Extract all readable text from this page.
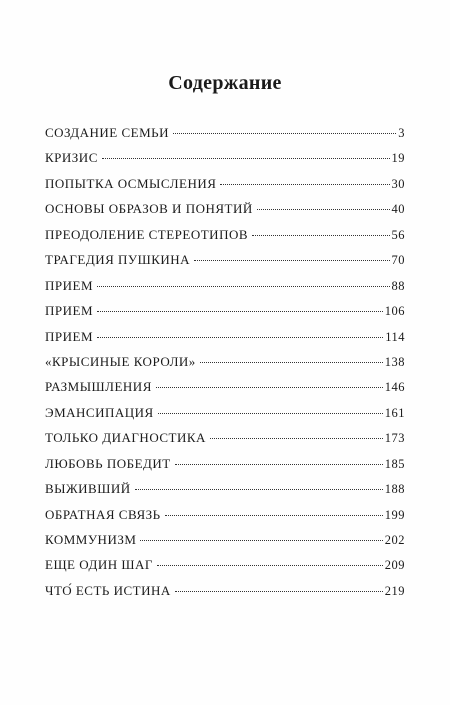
Содержание
СОЗДАНИЕ СЕМЬИ	3
КРИЗИС	19
ПОПЫТКА ОСМЫСЛЕНИЯ	30
ОСНОВЫ ОБРАЗОВ И ПОНЯТИЙ	40
ПРЕОДОЛЕНИЕ СТЕРЕОТИПОВ	56
ТРАГЕДИЯ ПУШКИНА	70
ПРИЕМ	88
ПРИЕМ	106
ПРИЕМ	114
«КРЫСИНЫЕ КОРОЛИ»	138
РАЗМЫШЛЕНИЯ	146
ЭМАНСИПАЦИЯ	161
ТОЛЬКО ДИАГНОСТИКА	173
ЛЮБОВЬ ПОБЕДИТ	185
ВЫЖИВШИЙ	188
ОБРАТНАЯ СВЯЗЬ	199
КОММУНИЗМ	202
ЕЩЕ ОДИН ШАГ	209
ЧТО́ ЕСТЬ ИСТИНА	219
